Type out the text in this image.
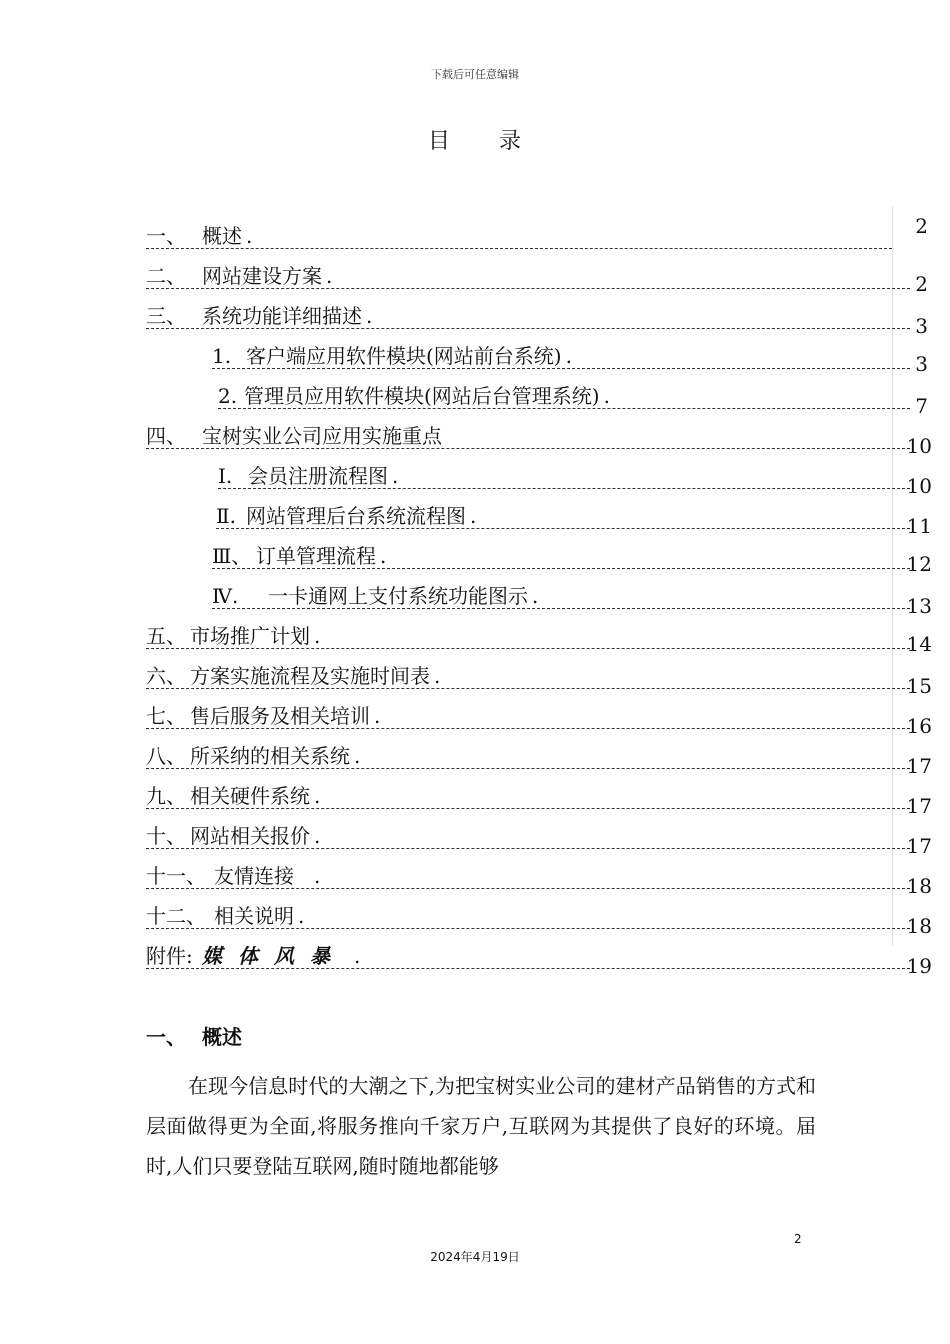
下载后可任意编辑
目 录
一、 概述 .	2
二、 网站建设方案 .	2
三、 系统功能详细描述 .	3
1. 客户端应用软件模块(网站前台系统) .	3
2. 管理员应用软件模块(网站后台管理系统) .	7
四、 宝树实业公司应用实施重点	10
Ⅰ. 会员注册流程图 .	10
Ⅱ. 网站管理后台系统流程图 .	11
Ⅲ、 订单管理流程 .	12
Ⅳ. 一卡通网上支付系统功能图示 .	13
五、 市场推广计划 .	14
六、 方案实施流程及实施时间表 .	15
七、 售后服务及相关培训 .	16
八、 所采纳的相关系统 .	17
九、 相关硬件系统 .	17
十、 网站相关报价 .	17
十一、 友情连接 .	18
十二、 相关说明 .	18
附件: 媒体风暴 .	19
一、 概述
在现今信息时代的大潮之下,为把宝树实业公司的建材产品销售的方式和层面做得更为全面,将服务推向千家万户,互联网为其提供了良好的环境。届时,人们只要登陆互联网,随时随地都能够
2
2024年4月19日
